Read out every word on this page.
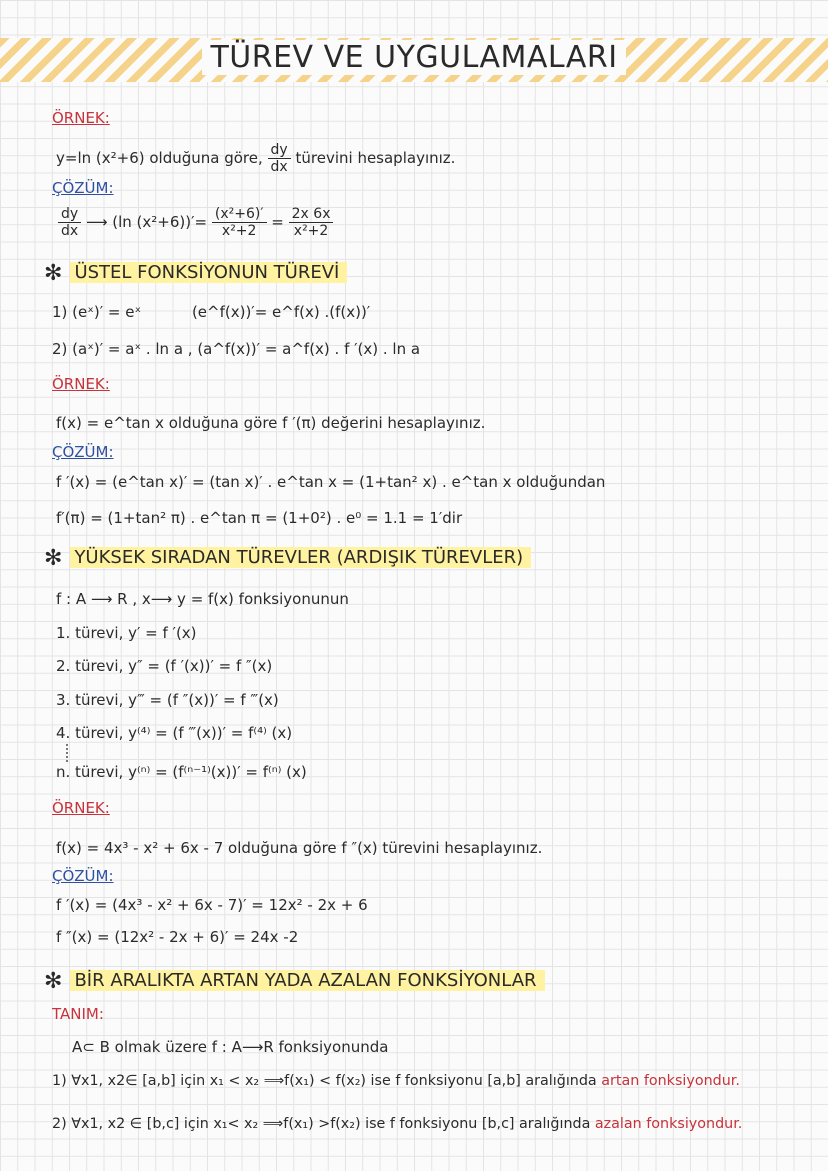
TÜREV VE UYGULAMALARI
ÖRNEK:
y=ln (x²+6) olduğuna göre, $\frac{dy}{dx}$ türevini hesaplayınız.
ÇÖZÜM:
$\frac{dy}{dx}$ ⟶ (ln $(x^2+6))'= \frac{\text{(x²+6)′}}{\text{x²+2}} = \frac{2x 6x}{\text{x²+2}}$
✻ ÜSTEL FONKSİYONUN TÜREVİ
1) (eˣ)′ = eˣ	(e^f(x))′= e^f(x) .(f(x))′
2) (aˣ)′ = aˣ . ln a , (a^f(x))′ = a^f(x) . f ′(x) . ln a
ÖRNEK:
f(x) = e^tan x olduğuna göre f ′(π) değerini hesaplayınız.
ÇÖZÜM:
f ′(x) = (e^tan x)′ = (tan x)′ . e^tan x = (1+tan² x) . e^tan x olduğundan
f′(π) = (1+tan² π) . e^tan π = (1+0²) . e⁰ = 1.1 = 1′dir
✻ YÜKSEK SIRADAN TÜREVLER (ARDIŞIK TÜREVLER)
f : A ⟶ R , x⟶ y = f(x) fonksiyonunun
1. türevi, y′ = f ′(x)
2. türevi, y″ = (f ′(x))′ = f ″(x)
3. türevi, y‴ = (f ″(x))′ = f ‴(x)
4. türevi, y⁽⁴⁾ = (f ‴(x))′ = f⁽⁴⁾ (x)
n. türevi, y⁽ⁿ⁾ = (f⁽ⁿ⁻¹⁾(x))′ = f⁽ⁿ⁾ (x)
ÖRNEK:
f(x) = 4x³ - x² + 6x - 7 olduğuna göre f ″(x) türevini hesaplayınız.
ÇÖZÜM:
f ′(x) = (4x³ - x² + 6x - 7)′ = 12x² - 2x + 6
f ″(x) = (12x² - 2x + 6)′ = 24x -2
✻ BİR ARALIKTA ARTAN YADA AZALAN FONKSİYONLAR
TANIM:
A⊂ B olmak üzere f : A⟶R fonksiyonunda
1) ∀x1, x2∈ [a,b] için x₁ < x₂ ⟹f(x₁) < f(x₂) ise f fonksiyonu [a,b] aralığında artan fonksiyondur.
2) ∀x1, x2 ∈ [b,c] için x₁< x₂ ⟹f(x₁) >f(x₂) ise f fonksiyonu [b,c] aralığında azalan fonksiyondur.
